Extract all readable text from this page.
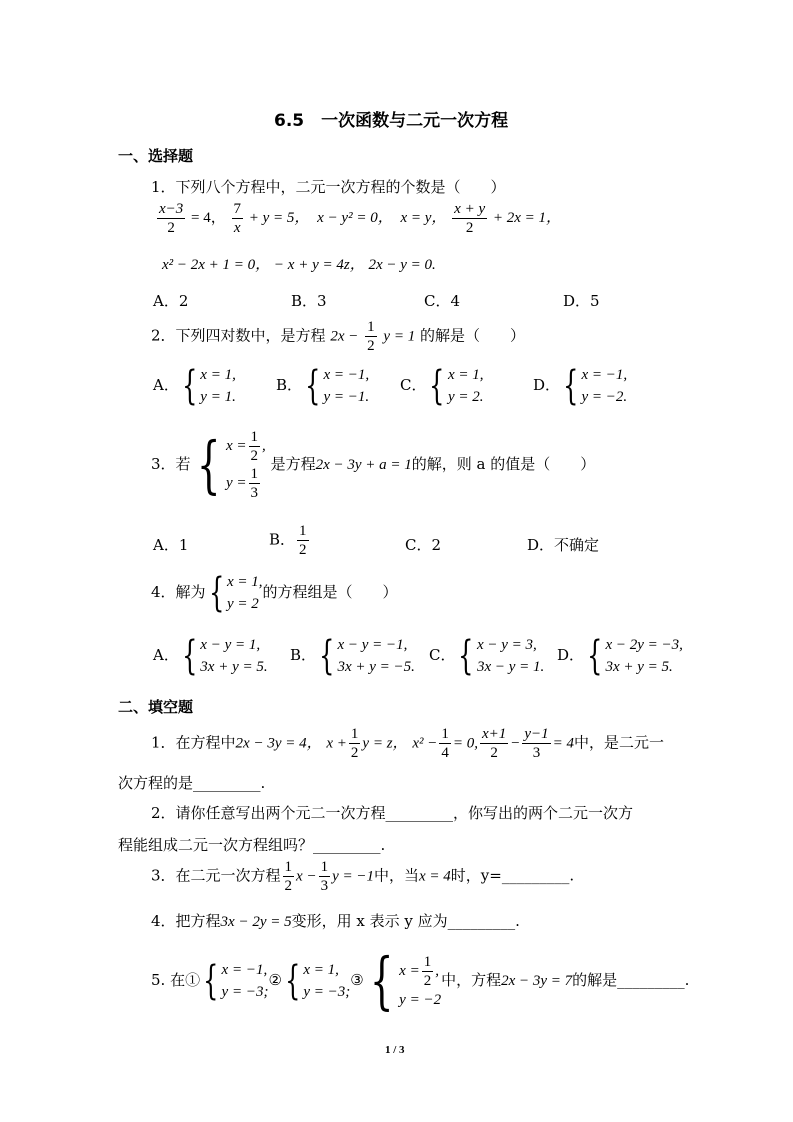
6.5　一次函数与二元一次方程
一、选择题
1．下列八个方程中，二元一次方程的个数是（　　）
$\frac{x-3}{2} = 4$， $\frac{7}{x} + y = 5$， x − y² = 0， x = y， $\frac{x + y}{2} + 2x = 1$，
x² − 2x + 1 = 0， − x + y = 4z， 2x − y = 0.
A．2	B．3	C．4	D．5
2．下列四对数中，是方程 $2x - \frac{1}{2}$ y = 1 的解是（　　）
A．{ x = 1,
y = 1.
B．{ x = −1,
y = −1.
C．{ x = 1,
y = 2.
D．{ x = −1,
y = −2.
3．若{ $x = \frac{1}{2}$ ,
$y = \frac{1}{3}$
是方程2x − 3y + a = 1的解，则 a 的值是（　　）
A．1	B． $\frac{1}{2}$	C．2	D．不确定
4．解为{ x = 1,
y = 2
的方程组是（　　）
A．{ x − y = 1,
3x + y = 5.
B．{ x − y = −1,
3x + y = −5.
C．{ x − y = 3,
3x − y = 1.
D．{ x − 2y = −3,
3x + y = 5.
二、填空题
1．在方程中2x − 3y = 4， $x + \frac{1}{2}$ y = z， $x^2 - \frac{1}{4} = 0$, $\frac{x+1}{2} - \frac{y-1}{3} = 4$中，是二元一
次方程的是_________.
2．请你任意写出两个元二一次方程_________，你写出的两个二元一次方
程能组成二元一次方程组吗？_________.
3．在二元一次方程 $\frac{1}{2}$ $x - \frac{1}{3}$ y = −1中，当x = 4时，y=_________.
4．把方程3x − 2y = 5变形，用 x 表示 y 应为_________.
5. 在①{ x = −1,
y = −3;
②{ x = 1,
y = −3;
③{ $x = \frac{1}{2}$ ,
y = −2
中，方程2x − 3y = 7的解是_________.
1 / 3
